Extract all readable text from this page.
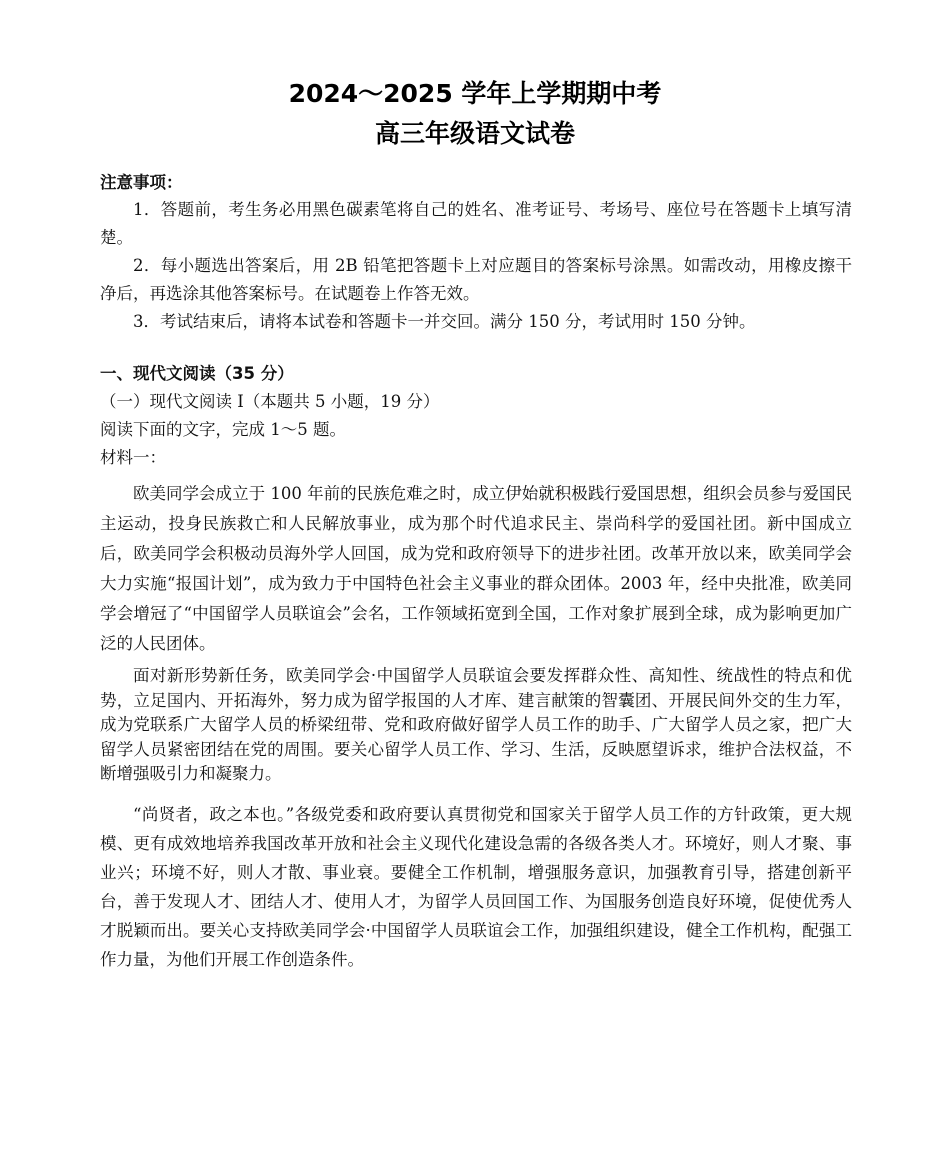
2024～2025 学年上学期期中考
高三年级语文试卷

注意事项：

1．答题前，考生务必用黑色碳素笔将自己的姓名、准考证号、考场号、座位号在答题卡上填写清楚。

2．每小题选出答案后，用 2B 铅笔把答题卡上对应题目的答案标号涂黑。如需改动，用橡皮擦干净后，再选涂其他答案标号。在试题卷上作答无效。

3．考试结束后，请将本试卷和答题卡一并交回。满分 150 分，考试用时 150 分钟。

一、现代文阅读（35 分）

（一）现代文阅读 I（本题共 5 小题，19 分）

阅读下面的文字，完成 1～5 题。

材料一：

欧美同学会成立于 100 年前的民族危难之时，成立伊始就积极践行爱国思想，组织会员参与爱国民主运动，投身民族救亡和人民解放事业，成为那个时代追求民主、崇尚科学的爱国社团。新中国成立后，欧美同学会积极动员海外学人回国，成为党和政府领导下的进步社团。改革开放以来，欧美同学会大力实施“报国计划”，成为致力于中国特色社会主义事业的群众团体。2003 年，经中央批准，欧美同学会增冠了“中国留学人员联谊会”会名，工作领域拓宽到全国，工作对象扩展到全球，成为影响更加广泛的人民团体。

面对新形势新任务，欧美同学会·中国留学人员联谊会要发挥群众性、高知性、统战性的特点和优势，立足国内、开拓海外，努力成为留学报国的人才库、建言献策的智囊团、开展民间外交的生力军，成为党联系广大留学人员的桥梁纽带、党和政府做好留学人员工作的助手、广大留学人员之家，把广大留学人员紧密团结在党的周围。要关心留学人员工作、学习、生活，反映愿望诉求，维护合法权益，不断增强吸引力和凝聚力。

“尚贤者，政之本也。”各级党委和政府要认真贯彻党和国家关于留学人员工作的方针政策，更大规模、更有成效地培养我国改革开放和社会主义现代化建设急需的各级各类人才。环境好，则人才聚、事业兴；环境不好，则人才散、事业衰。要健全工作机制，增强服务意识，加强教育引导，搭建创新平台，善于发现人才、团结人才、使用人才，为留学人员回国工作、为国服务创造良好环境，促使优秀人才脱颖而出。要关心支持欧美同学会·中国留学人员联谊会工作，加强组织建设，健全工作机构，配强工作力量，为他们开展工作创造条件。
